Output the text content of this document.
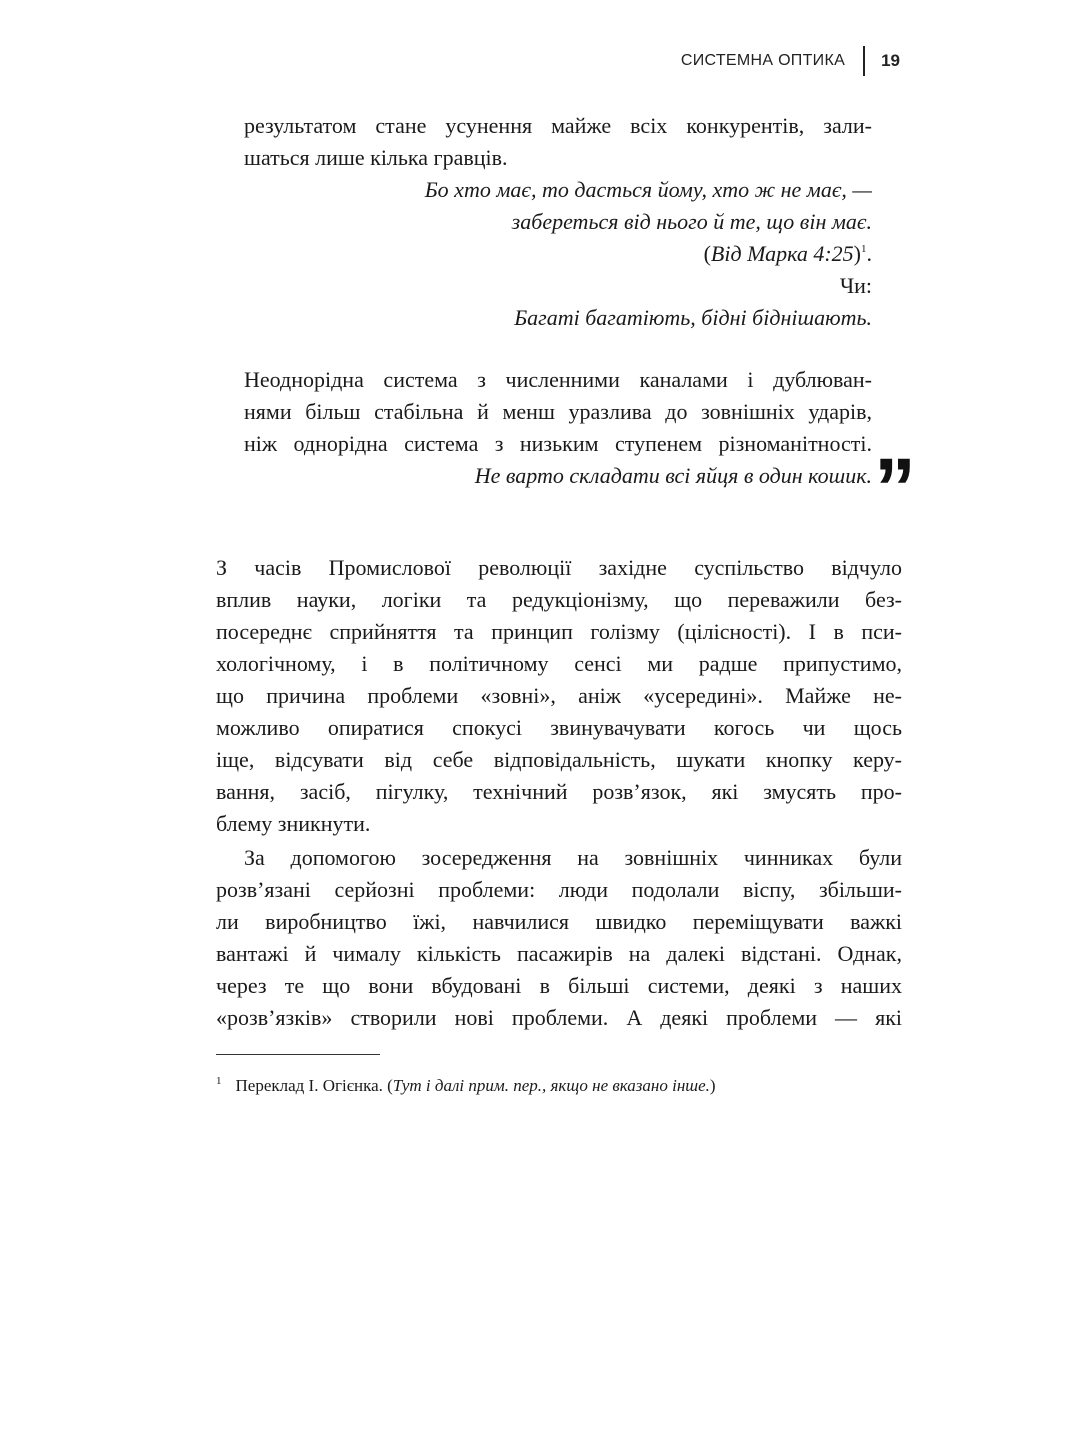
СИСТЕМНА ОПТИКА 19
результатом стане усунення майже всіх конкурентів, зали-
шаться лише кілька гравців.
Бо хто має, то дасться йому, хто ж не має, —
забереться від нього й те, що він має.
(Від Марка 4:25)$^1$.
Чи:
Багаті багатіють, бідні біднішають.
Неоднорідна система з численними каналами і дублюван-
нями більш стабільна й менш уразлива до зовнішніх ударів,
ніж однорідна система з низьким ступенем різноманітності.
Не варто складати всі яйця в один кошик. ”
З часів Промислової революції західне суспільство відчуло
вплив науки, логіки та редукціонізму, що переважили без-
посереднє сприйняття та принцип голізму (цілісності). І в пси-
хологічному, і в політичному сенсі ми радше припустимо,
що причина проблеми «зовні», аніж «усередині». Майже не-
можливо опиратися спокусі звинувачувати когось чи щось
іще, відсувати від себе відповідальність, шукати кнопку керу-
вання, засіб, пігулку, технічний розв’язок, які змусять про-
блему зникнути.
За допомогою зосередження на зовнішніх чинниках були
розв’язані серйозні проблеми: люди подолали віспу, збільши-
ли виробництво їжі, навчилися швидко переміщувати важкі
вантажі й чималу кількість пасажирів на далекі відстані. Однак,
через те що вони вбудовані в більші системи, деякі з наших
«розв’язків» створили нові проблеми. А деякі проблеми — які
$^1$ Переклад І. Огієнка. (Тут і далі прим. пер., якщо не вказано інше.)
